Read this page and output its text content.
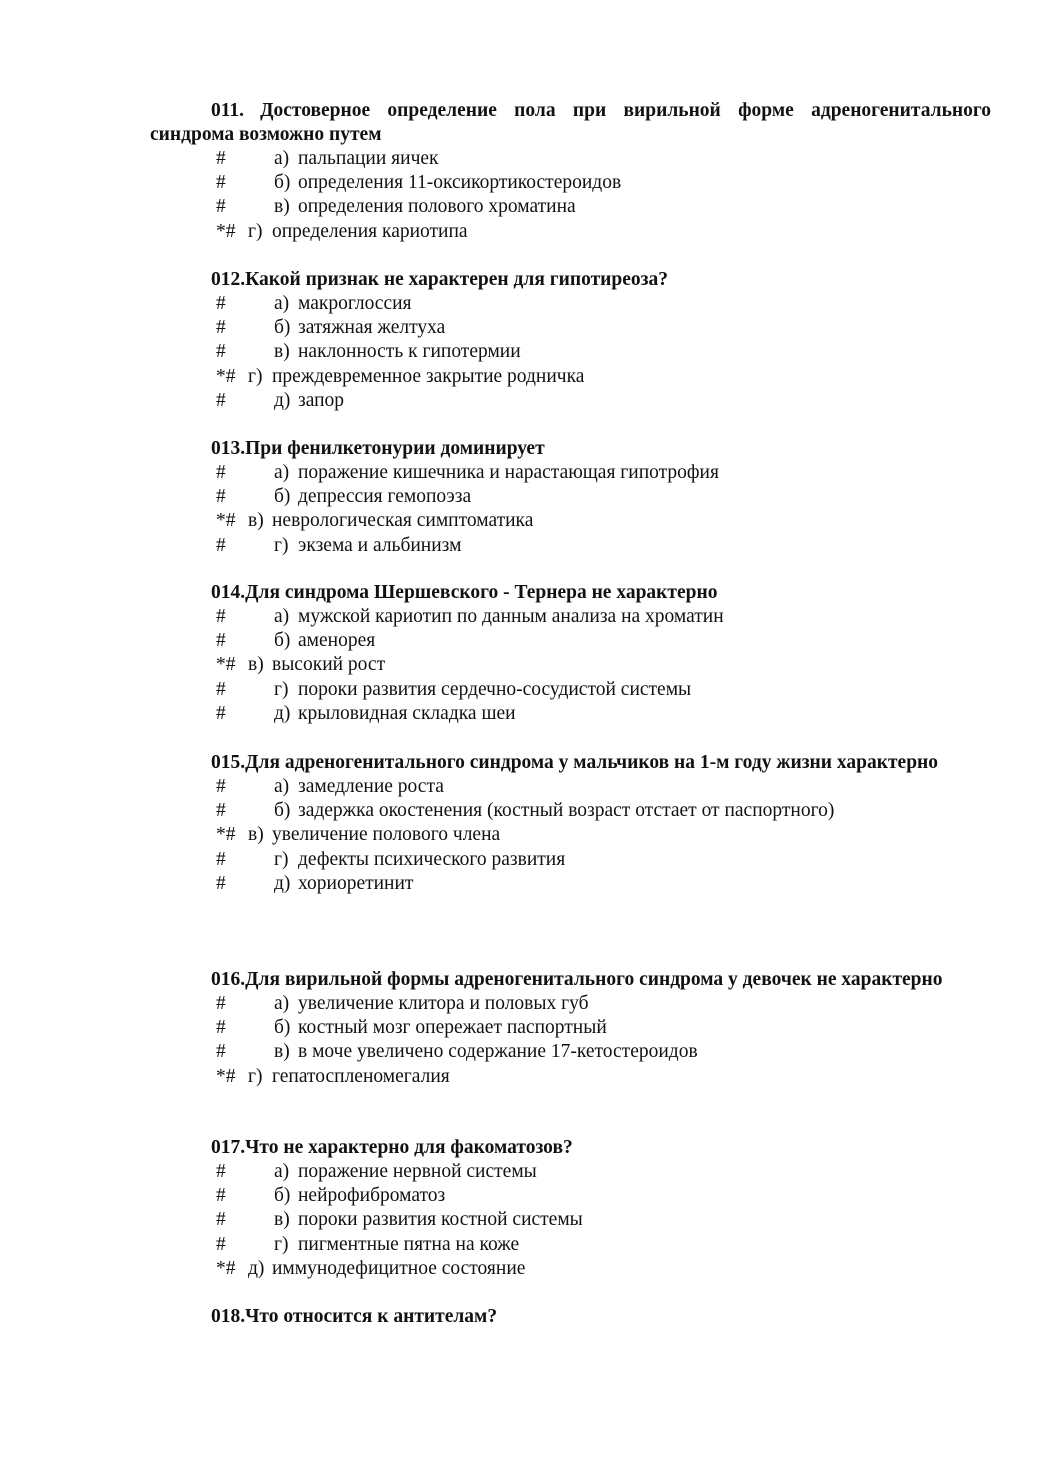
011. Достоверное определение пола при вирильной форме адреногенитального синдрома возможно путем

# а) пальпации яичек
# б) определения 11-оксикортикостероидов
# в) определения полового хроматина
*# г) определения кариотипа

012.Какой признак не характерен для гипотиреоза?

# а) макроглоссия
# б) затяжная желтуха
# в) наклонность к гипотермии
*# г) преждевременное закрытие родничка
# д) запор

013.При фенилкетонурии доминирует

# а) поражение кишечника и нарастающая гипотрофия
# б) депрессия гемопоэза
*# в) неврологическая симптоматика
# г) экзема и альбинизм

014.Для синдрома Шершевского - Тернера не характерно

# а) мужской кариотип по данным анализа на хроматин
# б) аменорея
*# в) высокий рост
# г) пороки развития сердечно-сосудистой системы
# д) крыловидная складка шеи

015.Для адреногенитального синдрома у мальчиков на 1-м году жизни характерно

# а) замедление роста
# б) задержка окостенения (костный возраст отстает от паспортного)
*# в) увеличение полового члена
# г) дефекты психического развития
# д) хориоретинит

016.Для вирильной формы адреногенитального синдрома у девочек не характерно

# а) увеличение клитора и половых губ
# б) костный мозг опережает паспортный
# в) в моче увеличено содержание 17-кетостероидов
*# г) гепатоспленомегалия

017.Что не характерно для факоматозов?

# а) поражение нервной системы
# б) нейрофиброматоз
# в) пороки развития костной системы
# г) пигментные пятна на коже
*# д) иммунодефицитное состояние

018.Что относится к антителам?
